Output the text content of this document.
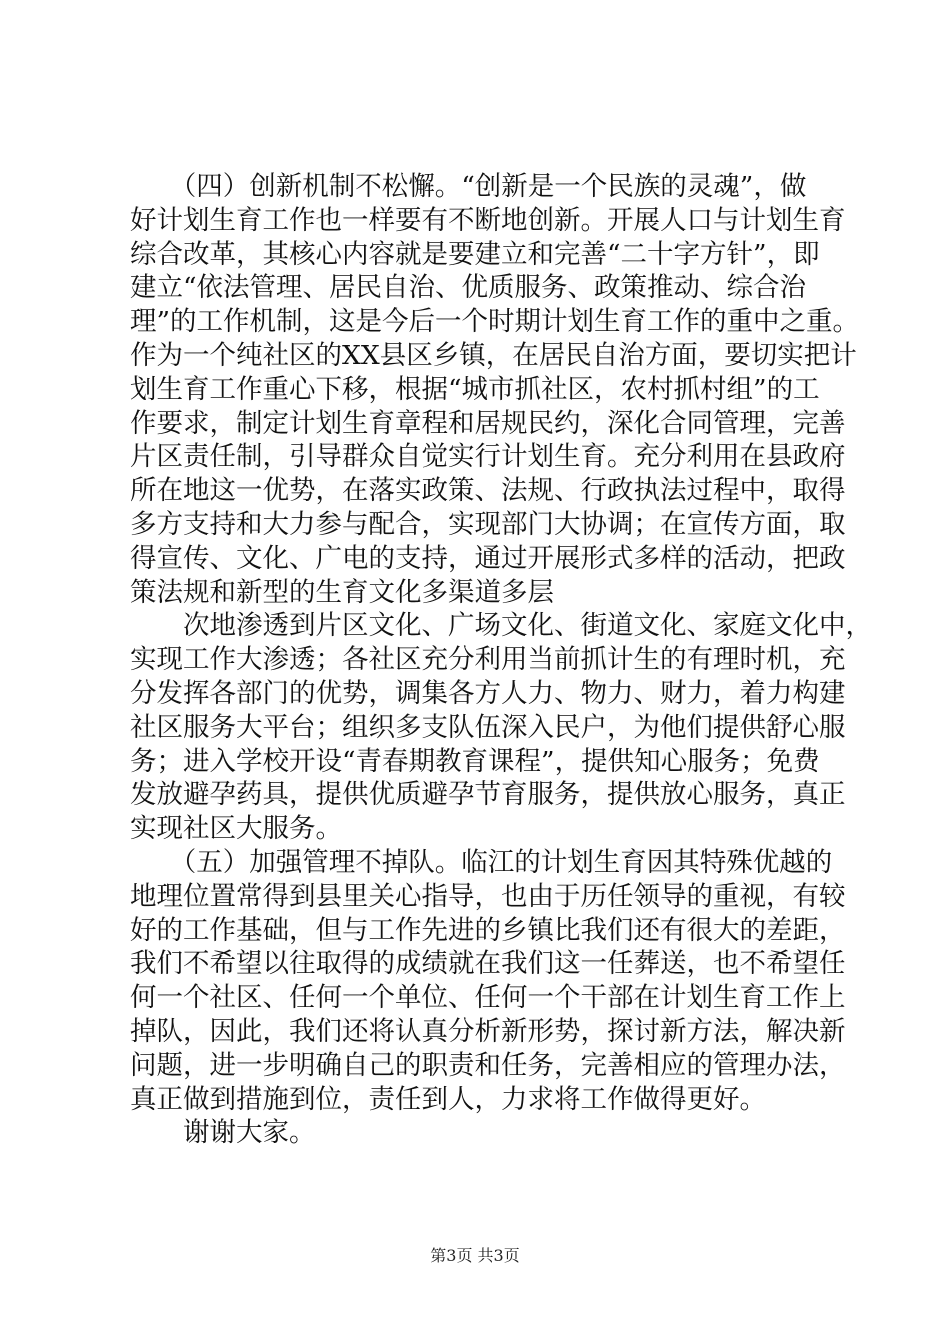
　　（四）创新机制不松懈。“创新是一个民族的灵魂”，做
好计划生育工作也一样要有不断地创新。开展人口与计划生育
综合改革，其核心内容就是要建立和完善“二十字方针”，即
建立“依法管理、居民自治、优质服务、政策推动、综合治
理”的工作机制，这是今后一个时期计划生育工作的重中之重。
作为一个纯社区的XX县区乡镇，在居民自治方面，要切实把计
划生育工作重心下移，根据“城市抓社区，农村抓村组”的工
作要求，制定计划生育章程和居规民约，深化合同管理，完善
片区责任制，引导群众自觉实行计划生育。充分利用在县政府
所在地这一优势，在落实政策、法规、行政执法过程中，取得
多方支持和大力参与配合，实现部门大协调；在宣传方面，取
得宣传、文化、广电的支持，通过开展形式多样的活动，把政
策法规和新型的生育文化多渠道多层
　　次地渗透到片区文化、广场文化、街道文化、家庭文化中，
实现工作大渗透；各社区充分利用当前抓计生的有理时机，充
分发挥各部门的优势，调集各方人力、物力、财力，着力构建
社区服务大平台；组织多支队伍深入民户，为他们提供舒心服
务；进入学校开设“青春期教育课程”，提供知心服务；免费
发放避孕药具，提供优质避孕节育服务，提供放心服务，真正
实现社区大服务。
　　（五）加强管理不掉队。临江的计划生育因其特殊优越的
地理位置常得到县里关心指导，也由于历任领导的重视，有较
好的工作基础，但与工作先进的乡镇比我们还有很大的差距，
我们不希望以往取得的成绩就在我们这一任葬送，也不希望任
何一个社区、任何一个单位、任何一个干部在计划生育工作上
掉队，因此，我们还将认真分析新形势，探讨新方法，解决新
问题，进一步明确自己的职责和任务，完善相应的管理办法，
真正做到措施到位，责任到人，力求将工作做得更好。
　　谢谢大家。
第3页 共3页
